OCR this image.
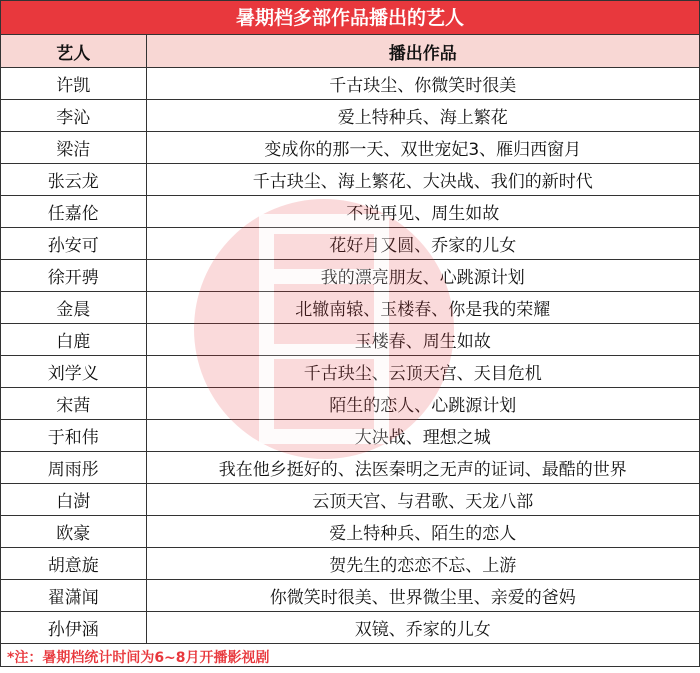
暑期档多部作品播出的艺人
艺人	播出作品
许凯	千古玦尘、你微笑时很美
李沁	爱上特种兵、海上繁花
梁洁	变成你的那一天、双世宠妃3、雁归西窗月
张云龙	千古玦尘、海上繁花、大决战、我们的新时代
任嘉伦	不说再见、周生如故
孙安可	花好月又圆、乔家的儿女
徐开骋	我的漂亮朋友、心跳源计划
金晨	北辙南辕、玉楼春、你是我的荣耀
白鹿	玉楼春、周生如故
刘学义	千古玦尘、云顶天宫、天目危机
宋茜	陌生的恋人、心跳源计划
于和伟	大决战、理想之城
周雨彤	我在他乡挺好的、法医秦明之无声的证词、最酷的世界
白澍	云顶天宫、与君歌、天龙八部
欧豪	爱上特种兵、陌生的恋人
胡意旋	贺先生的恋恋不忘、上游
翟潇闻	你微笑时很美、世界微尘里、亲爱的爸妈
孙伊涵	双镜、乔家的儿女
*注：暑期档统计时间为6~8月开播影视剧
YIDIAN
